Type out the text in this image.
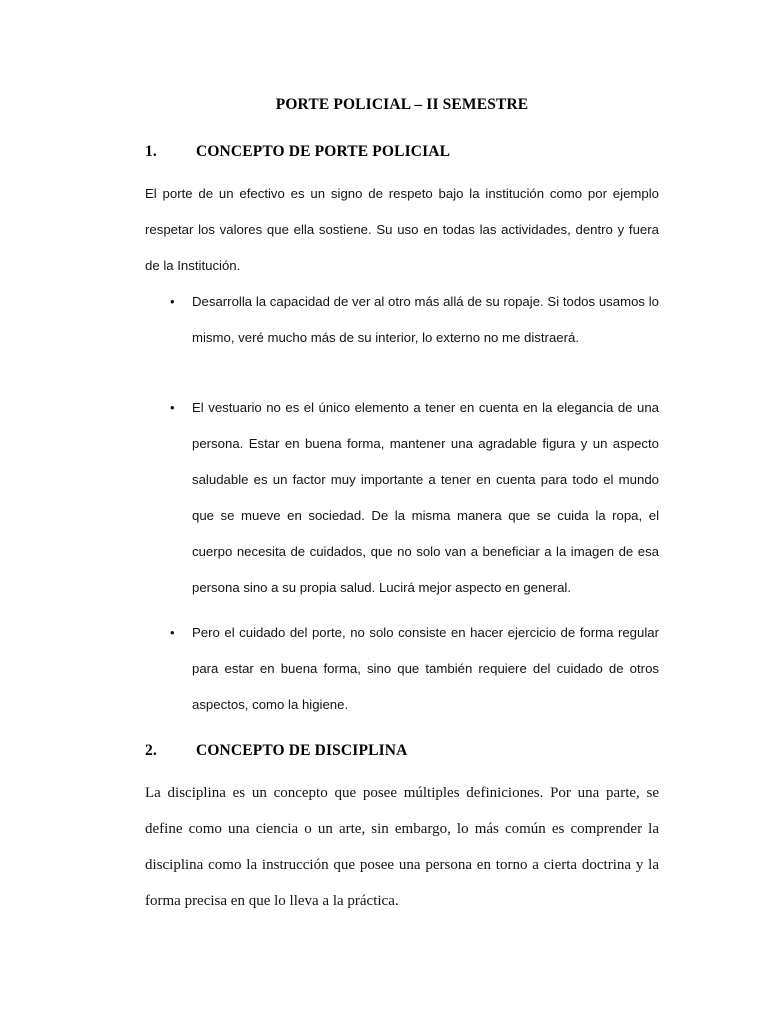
PORTE POLICIAL – II SEMESTRE
1.	CONCEPTO DE PORTE POLICIAL

El porte de un efectivo es un signo de respeto bajo la institución como por ejemplo respetar los valores que ella sostiene. Su uso en todas las actividades, dentro y fuera de la Institución.

• Desarrolla la capacidad de ver al otro más allá de su ropaje. Si todos usamos lo mismo, veré mucho más de su interior, lo externo no me distraerá.
• El vestuario no es el único elemento a tener en cuenta en la elegancia de una persona. Estar en buena forma, mantener una agradable figura y un aspecto saludable es un factor muy importante a tener en cuenta para todo el mundo que se mueve en sociedad. De la misma manera que se cuida la ropa, el cuerpo necesita de cuidados, que no solo van a beneficiar a la imagen de esa persona sino a su propia salud. Lucirá mejor aspecto en general.
• Pero el cuidado del porte, no solo consiste en hacer ejercicio de forma regular para estar en buena forma, sino que también requiere del cuidado de otros aspectos, como la higiene.
2.	CONCEPTO DE DISCIPLINA

La disciplina es un concepto que posee múltiples definiciones. Por una parte, se define como una ciencia o un arte, sin embargo, lo más común es comprender la disciplina como la instrucción que posee una persona en torno a cierta doctrina y la forma precisa en que lo lleva a la práctica.
